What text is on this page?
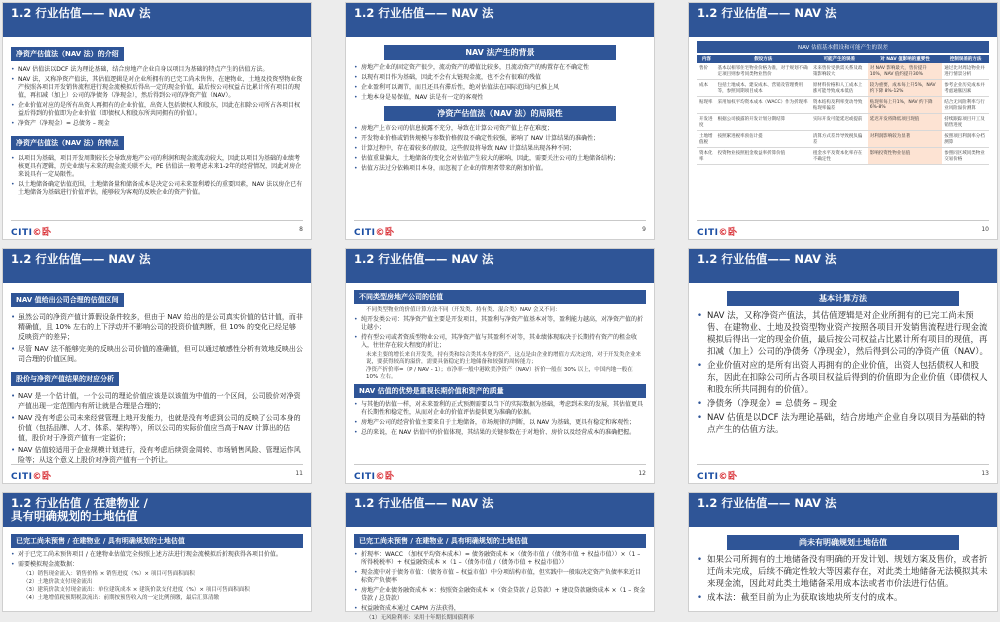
1.2 行业估值—— NAV 法
净资产估值法（NAV 法）的介绍
• NAV 估值法以DCF 法为理论基础，结合房地产企业自身以项目为基础的特点产生的估值方法。
• NAV 法，又称净资产值法，其估值逻辑是对企业所拥有的已完工尚未售售、在建物业、土地及投资型物业资产按照各项目开发销售流程进行现金流模拟后得出一定的现金价值，最后按公司权益占比累计所有项目的现值，再扣减（加上）公司的净债务（净现金），然后得到公司的净资产值（NAV）。
• 企业价值对应的是所有出资人再拥有的企业价值，出资人包括债权人和股东，因此在扣除公司所占各项目权益后得到的价值即为企业价值（即债权人和股东所共同拥有的价值）。
• 净资产（净现金）= 总债务 – 现金
净资产估值法（NAV 法）的特点
• 以项目为基础，项目开发周期较长会导致房地产公司的利润和现金流波动较大，因此以项目为基础的业绩考核更具有逻辑，历史业绩与未来的现金流关联不大，PE 估值法一般考虑未来1-2年的经营情况，因此对房企来说具有一定局限性。
• 以土地储备确定估值范围，土地储备量和储备成本是决定公司未来盈利增长的重要因素，NAV 法以房企已有土地储备为基础进行价值评估，能够较为客观的反映企业的资产价值。
CITI©卧	8
1.2 行业估值—— NAV 法
NAV 法产生的背景
• 房地产企业的固定资产很少，流动资产的增值比较多，且流动资产的购置存在不确定性
• 以现有项目作为基础，因此不会有太链现金流，也不会有很难的残值
• 企业盈利可以调节，而且还具有滞后性，绝对估值法在国际范围内已推上风
• 土地本身是易保值，NAV 法是有一定的客观性
净资产估值法（NAV 法）的局限性
• 房地产上市公司的信息披露不充分，导致在计算公司资产值上存在难度；
• 开发物业价格或销售规模与参数价格假设不确定性较强，影响了 NAV 计算结果的准确性；
• 计算过程中，存在着较多的假设，这些假设将导致 NAV 计算结果出现各种不同；
• 估值重量偏大，土地储备的变化会对估值产生较大的影响，因此，需要关注公司的土地储备结构；
• 估值方法过分依赖项目本身，而忽视了企业的管理者带来的附加价值。
CITI©卧	9
1.2 行业估值—— NAV 法
NAV 估值基本假设和可能产生的误差
内容	假设方法	可能产生的误差	对 NAV 值影响的重要性	控制误差的方法
售价	基本以相邻住宅物业价格为准，对于规划不确定项目则参考同类物业售价	未来售价受供需关系及政策影响较大	对 NAV 影响最大，售价提升10%，NAV 值约提升30%	通过比对周边物业并进行情景分析
成本	包括土地成本、建安成本、营销及管理费用等，参照同期项目成本	原材料价格和人工成本上涨可能导致成本低估	较为重要，成本每上升5%，NAV 约下降 8%-12%	参考企业历史成本并考虑通胀因素
贴现率	采用加权平均资本成本（WACC）作为折现率	资本结构及利率变动导致贴现率偏差	贴现率每上升1%，NAV 约下降 6%-8%	结合无风险利率与行业风险溢价测算
开发进度	根据公司披露的开发计划分期结算	实际开发可能延迟或提前	延迟开发将降低项目现值	持续跟踪项目开工及销售进度
土地增值税	按照累进税率预估计提	清算方式差异导致税负偏差	对利润影响较为显著	按照项目利润率分档测算
资本化率	投资物业按照租金收益率折算价值	租金水平及资本化率存在不确定性	影响投资性物业估值	参照同区域同类物业交易价格
CITI©卧	10
1.2 行业估值—— NAV 法
NAV 值给出公司合理的估值区间
• 虽然公司的净资产值计算假设条件较多，但由于 NAV 给出的是公司真实价值的估计值，而非精确值，且 10% 左右的上下浮动并不影响公司的投资价值判断，但 10% 的变化已经足够反映资产的差异；
• 尽管 NAV 法不能够完美的反映出公司价值的准确值，但可以通过敏感性分析有效地反映出公司合理的价值区间。
股价与净资产值结果的对应分析
• NAV 是一个估计值，一个公司的理论价值应该是以该值为中值的一个区间，公司股价对净资产值出现一定范围内有所让就是合理是合理的；
• NAV 没有考虑公司未来经营管理上地开发能力，也就是没有考虑到公司的反映了公司本身的价值（包括品牌、人才、体系、架构等），所以公司的实际价值应当高于NAV 计算出的估值，股价对于净资产值有一定溢价；
• NAV 估值较适用于企业规模计划进行，没有考虑后续资金周转、市场销售风险、管理运作风险等；从这个意义上股价对净资产值有一个折让。
CITI©卧	11
1.2 行业估值—— NAV 法
不同类型房地产公司的估值
不同类型物业的价值计算方法不同（开发类、持有类、混合类）NAV 会又不同：
• 纯开发类公司：其净资产值主要是开发项目，其盈利与净资产值基本对等，盈利能力越高，对净资产值的折让越小；
• 持有型公司或者资质型物业公司，其净资产值与其盈利不对等，其业绩体现取决于长期持有资产的租金收入，往往存在较大程度的折让；
未来主要的增长来自开发类，持有类和综合类其本身的资产，这点是由企业的增值方式决定的，对于开发类企业来说，要获得较高的溢价，需要具备稳定的土地储备和较强的周转能力；
净资产折价率=（P / NAV - 1）；市净率一般中港欧美净资产（NAV）折价一般在 30% 以上，中国内地一般在 10% 左右。
NAV 估值的优势是重视长期价值和资产的质量
• 与其他的估值一样，对未来盈利的正式预测需要以当下的实际数据为基础，考虑到未来的发展，其估值更具有长期性和稳定性，从而对企业的价值评估提供更为准确的依据。
• 房地产公司的经营价值主要来自于土地储备，市场规律的判断，以 NAV 为基础，更具有稳定和客观性；
• 总的来说，在 NAV 估值中的价值体现，其结果的关键参数在于对地价、房价以及经营成本的准确把握。
CITI©卧	12
1.2 行业估值—— NAV 法
基本计算方法
• NAV 法，又称净资产值法，其估值逻辑是对企业所拥有的已完工尚未预售、在建物业、土地及投资型物业资产按照各项目开发销售流程进行现金流模拟后得出一定的现金价值，最后按公司权益占比累计所有项目的现值，再扣减（加上）公司的净债务（净现金），然后得到公司的净资产值（NAV）。
• 企业价值对应的是所有出资人再拥有的企业价值，出资人包括债权人和股东，因此在扣除公司所占各项目权益后得到的价值即为企业价值（即债权人和股东所共同拥有的价值）。
• 净债务（净现金）= 总债务 – 现金
• NAV 估值是以DCF 法为理论基础，结合房地产企业自身以项目为基础的特点产生的估值方法。
CITI©卧	13
1.2 行业估值 / 在建物业 / 具有明确规划的土地估值
已完工尚未预售 / 在建物业 / 具有明确规划的土地估值
• 对于已完工尚未预售项目 / 在建物业估值完全按照上述方法进行现金流模拟后折现获得各项目价值。
• 需要模拟现金流数据：
（1）销售现金流入：销售价格 × 销售进度（%）× 项目可售面积面积
（2）土地价款支付现金流出
（3）建筑价款支付现金流出：单位建筑成本 × 建筑价款支付进度（%）× 项目可售面积面积
（4）土地增值税预期税款流出：前期按预售收入的一定比例预缴，最后汇算清缴
1.2 行业估值—— NAV 法
已完工尚未预售 / 在建物业 / 具有明确规划的土地估值
• 折现率：WACC （加权平均资本成本）= 债务融资成本 ×（债务市值 /（债务市值 + 权益市值））×（1 – 所得税税率）+ 权益融资成本 ×（1 –（债务市值 /（债务市值 + 权益市值））
• 现金流中对于债务市值：（债务市值 – 权益市值）中分项结构市值，但实践中一般取决定资产负债率来近目标资产负债率
• 房地产企业债务融资成本 ×：按照资金融资成本 ×（资金贷款 / 总贷款）+ 建设贷款融资成本 ×（1 – 资金贷款 / 总贷款）
• 权益融资成本通过 CAPM 方法获得，
（1）无风险利率：采用十年期长期国债利率
1.2 行业估值—— NAV 法
尚未有明确规划土地估值
• 如果公司所拥有的土地储备没有明确的开发计划、规划方案及售价，或者折迁尚未完成，后续不确定性较大等因素存在，对此类土地储备无法模拟其未来现金流，因此对此类土地储备采用成本法或者市价法进行估值。
• 成本法：截至目前为止为获取该地块所支付的成本。
